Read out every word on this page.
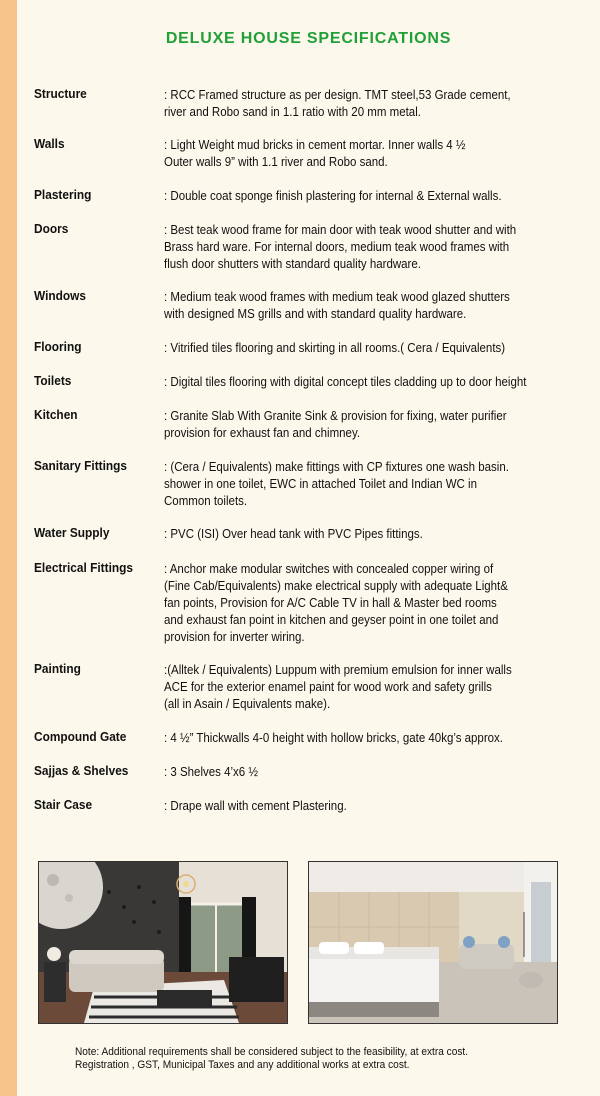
DELUXE HOUSE SPECIFICATIONS
Structure	: RCC Framed structure as per design. TMT steel,53 Grade cement,
river and Robo sand in 1.1 ratio with 20 mm metal.
Walls	: Light Weight mud bricks in cement mortar. Inner walls 4 ½
Outer walls 9” with 1.1 river and Robo sand.
Plastering	: Double coat sponge finish plastering for internal & External walls.
Doors	: Best teak wood frame for main door with teak wood shutter and with
Brass hard ware. For internal doors, medium teak wood frames with
flush door shutters with standard quality hardware.
Windows	: Medium teak wood frames with medium teak wood glazed shutters
with designed MS grills and with standard quality hardware.
Flooring	: Vitrified tiles flooring and skirting in all rooms.( Cera / Equivalents)
Toilets	: Digital tiles flooring with digital concept tiles cladding up to door height
Kitchen	: Granite Slab With Granite Sink & provision for fixing, water purifier
provision for exhaust fan and chimney.
Sanitary Fittings	: (Cera / Equivalents) make fittings with CP fixtures one wash basin.
shower in one toilet, EWC in attached Toilet and Indian WC in
Common toilets.
Water Supply	: PVC (ISI) Over head tank with PVC Pipes fittings.
Electrical Fittings	: Anchor make modular switches with concealed copper wiring of
(Fine Cab/Equivalents) make electrical supply with adequate Light&
fan points, Provision for A/C Cable TV in hall & Master bed rooms
and exhaust fan point in kitchen and geyser point in one toilet and
provision for inverter wiring.
Painting	:(Alltek / Equivalents) Luppum with premium emulsion for inner walls
ACE for the exterior enamel paint for wood work and safety grills
(all in Asain / Equivalents make).
Compound Gate	: 4 ½” Thickwalls 4-0 height with hollow bricks, gate 40kg’s approx.
Sajjas & Shelves	: 3 Shelves 4’x6 ½
Stair Case	: Drape wall with cement Plastering.
Note: Additional requirements shall be considered subject to the feasibility, at extra cost.
Registration , GST, Municipal Taxes and any additional works at extra cost.
